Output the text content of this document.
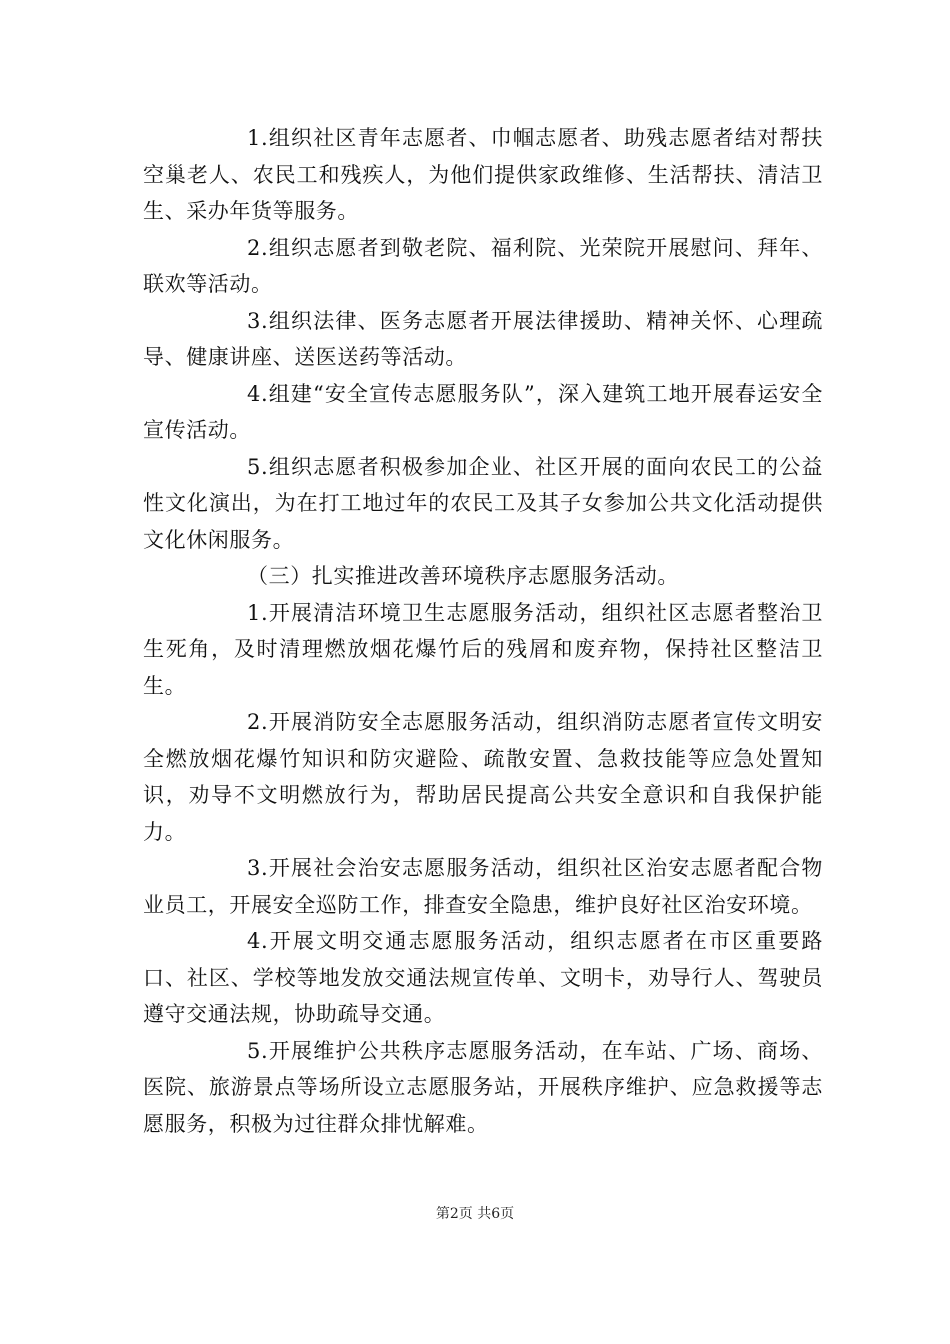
1.组织社区青年志愿者、巾帼志愿者、助残志愿者结对帮扶空巢老人、农民工和残疾人，为他们提供家政维修、生活帮扶、清洁卫生、采办年货等服务。

2.组织志愿者到敬老院、福利院、光荣院开展慰问、拜年、联欢等活动。

3.组织法律、医务志愿者开展法律援助、精神关怀、心理疏导、健康讲座、送医送药等活动。

4.组建“安全宣传志愿服务队”，深入建筑工地开展春运安全宣传活动。

5.组织志愿者积极参加企业、社区开展的面向农民工的公益性文化演出，为在打工地过年的农民工及其子女参加公共文化活动提供文化休闲服务。

（三）扎实推进改善环境秩序志愿服务活动。

1.开展清洁环境卫生志愿服务活动，组织社区志愿者整治卫生死角，及时清理燃放烟花爆竹后的残屑和废弃物，保持社区整洁卫生。

2.开展消防安全志愿服务活动，组织消防志愿者宣传文明安全燃放烟花爆竹知识和防灾避险、疏散安置、急救技能等应急处置知识，劝导不文明燃放行为，帮助居民提高公共安全意识和自我保护能力。

3.开展社会治安志愿服务活动，组织社区治安志愿者配合物业员工，开展安全巡防工作，排查安全隐患，维护良好社区治安环境。

4.开展文明交通志愿服务活动，组织志愿者在市区重要路口、社区、学校等地发放交通法规宣传单、文明卡，劝导行人、驾驶员遵守交通法规，协助疏导交通。

5.开展维护公共秩序志愿服务活动，在车站、广场、商场、医院、旅游景点等场所设立志愿服务站，开展秩序维护、应急救援等志愿服务，积极为过往群众排忧解难。

第2页 共6页
